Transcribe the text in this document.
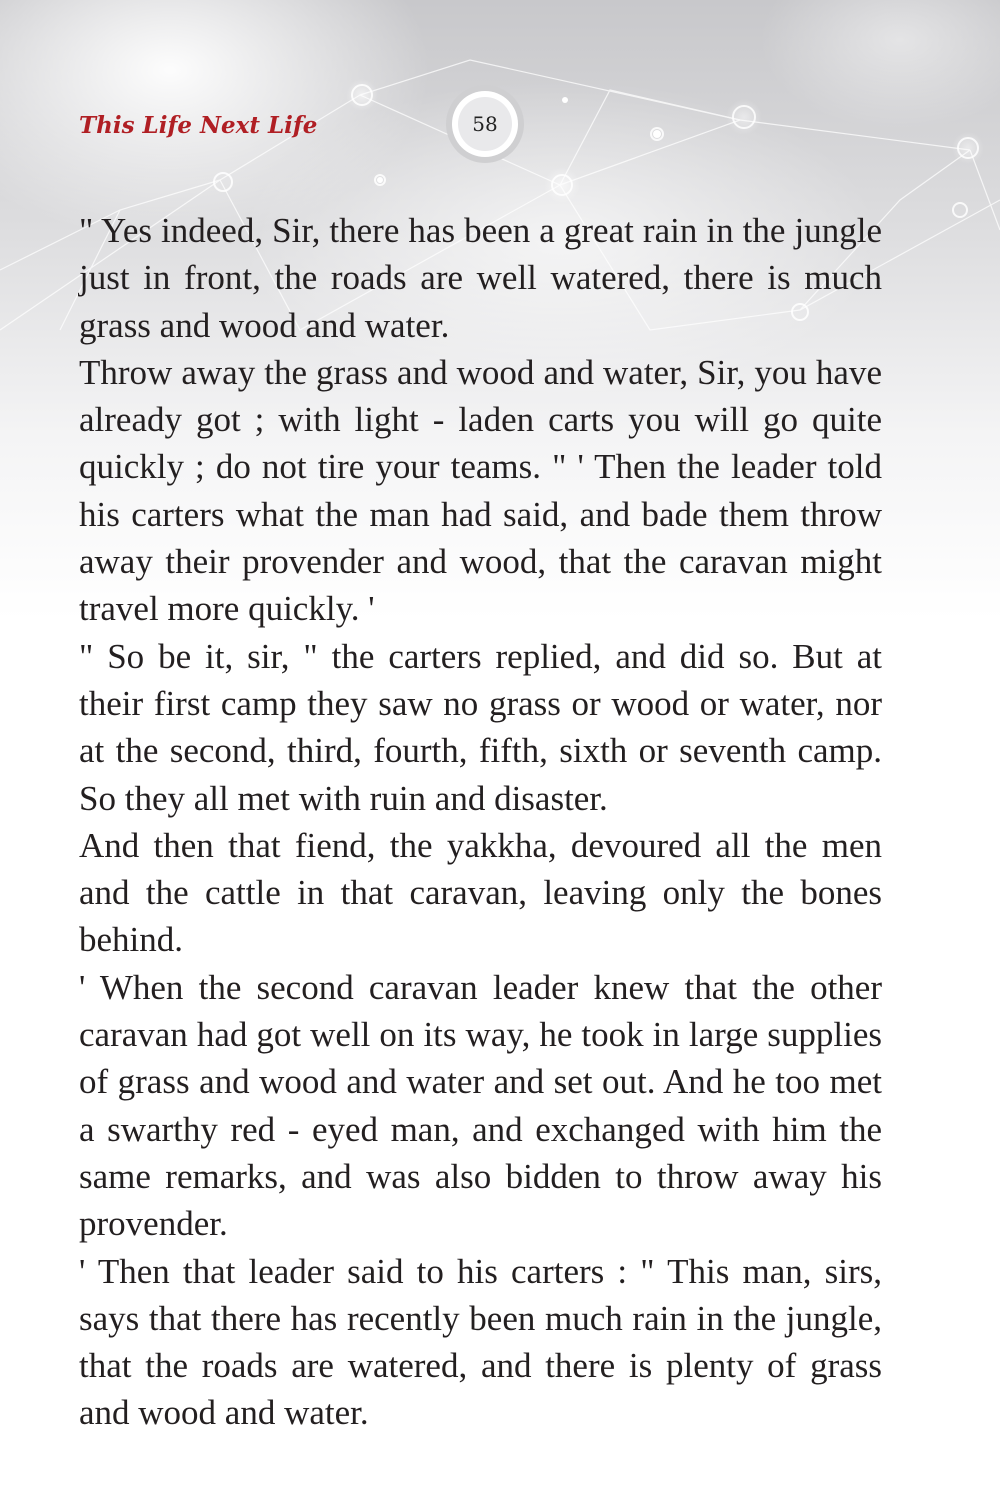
This Life Next Life	58

" Yes indeed, Sir, there has been a great rain in the jungle just in front, the roads are well watered, there is much grass and wood and water.

Throw away the grass and wood and water, Sir, you have already got ; with light - laden carts you will go quite quickly ; do not tire your teams. " ' Then the leader told his carters what the man had said, and bade them throw away their provender and wood, that the caravan might travel more quickly. '

" So be it, sir, " the carters replied, and did so. But at their first camp they saw no grass or wood or water, nor at the second, third, fourth, fifth, sixth or seventh camp. So they all met with ruin and disaster.

And then that fiend, the yakkha, devoured all the men and the cattle in that caravan, leaving only the bones behind.

' When the second caravan leader knew that the other caravan had got well on its way, he took in large supplies of grass and wood and water and set out. And he too met a swarthy red - eyed man, and exchanged with him the same remarks, and was also bidden to throw away his provender.

' Then that leader said to his carters : " This man, sirs, says that there has recently been much rain in the jungle, that the roads are watered, and there is plenty of grass and wood and water.
